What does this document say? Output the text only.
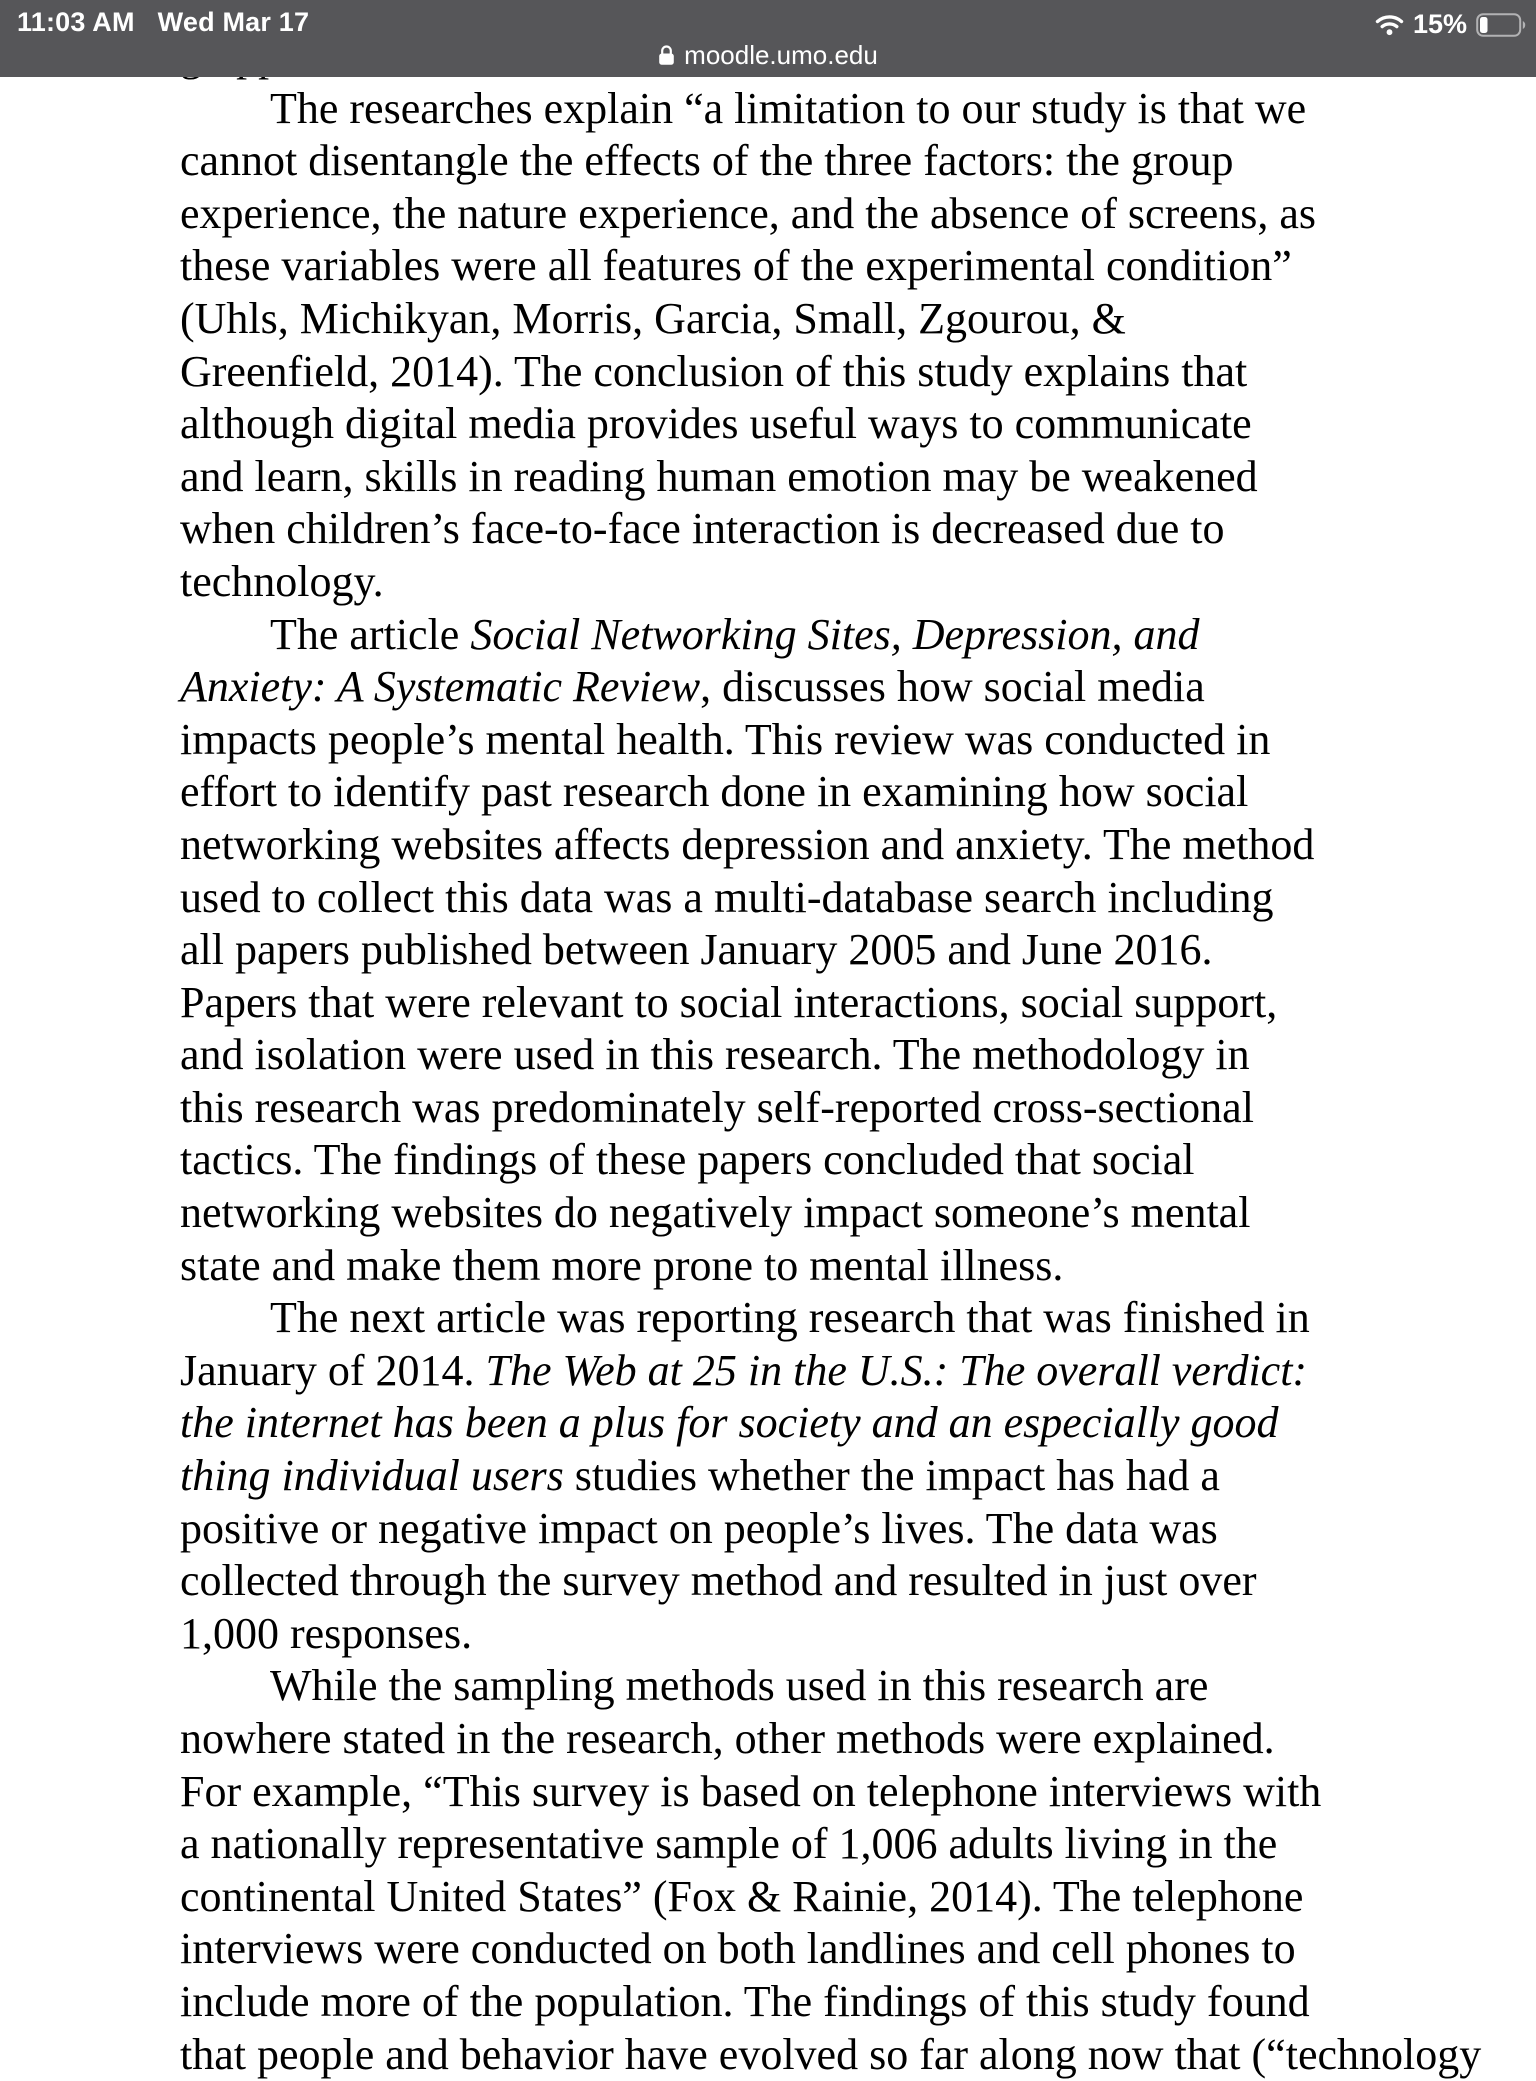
The researches explain “a limitation to our study is that we
cannot disentangle the effects of the three factors: the group
experience, the nature experience, and the absence of screens, as
these variables were all features of the experimental condition”
(Uhls, Michikyan, Morris, Garcia, Small, Zgourou, &
Greenfield, 2014). The conclusion of this study explains that
although digital media provides useful ways to communicate
and learn, skills in reading human emotion may be weakened
when children’s face-to-face interaction is decreased due to
technology.
The article Social Networking Sites, Depression, and
Anxiety: A Systematic Review, discusses how social media
impacts people’s mental health. This review was conducted in
effort to identify past research done in examining how social
networking websites affects depression and anxiety. The method
used to collect this data was a multi-database search including
all papers published between January 2005 and June 2016.
Papers that were relevant to social interactions, social support,
and isolation were used in this research. The methodology in
this research was predominately self-reported cross-sectional
tactics. The findings of these papers concluded that social
networking websites do negatively impact someone’s mental
state and make them more prone to mental illness.
The next article was reporting research that was finished in
January of 2014. The Web at 25 in the U.S.: The overall verdict:
the internet has been a plus for society and an especially good
thing individual users studies whether the impact has had a
positive or negative impact on people’s lives. The data was
collected through the survey method and resulted in just over
1,000 responses.
While the sampling methods used in this research are
nowhere stated in the research, other methods were explained.
For example, “This survey is based on telephone interviews with
a nationally representative sample of 1,006 adults living in the
continental United States” (Fox & Rainie, 2014). The telephone
interviews were conducted on both landlines and cell phones to
include more of the population. The findings of this study found
that people and behavior have evolved so far along now that (“technology
11:03 AM Wed Mar 17	15%
moodle.umo.edu
